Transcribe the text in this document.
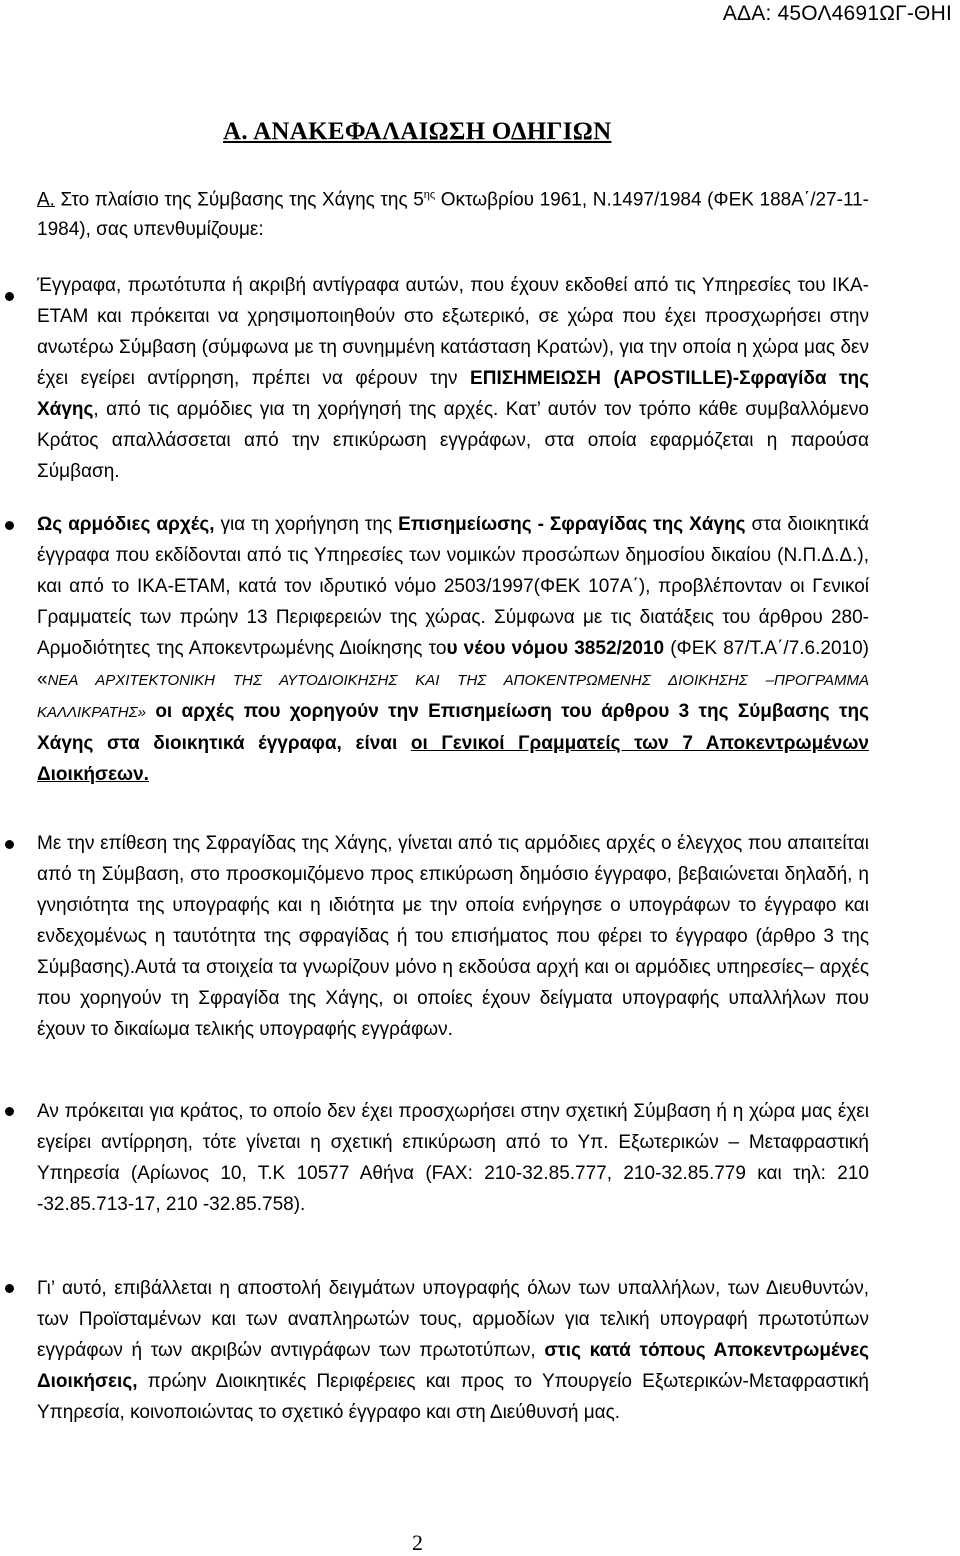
ΑΔΑ: 45ΟΛ4691ΩΓ-ΘΗΙ
Α. ΑΝΑΚΕΦΑΛΑΙΩΣΗ ΟΔΗΓΙΩΝ
Α. Στο πλαίσιο της Σύμβασης της Χάγης της $5^{\eta\varsigma}$ Οκτωβρίου 1961, Ν.1497/1984 (ΦΕΚ 188Α΄/27-11-1984), σας υπενθυμίζουμε:
Έγγραφα, πρωτότυπα ή ακριβή αντίγραφα αυτών, που έχουν εκδοθεί από τις Υπηρεσίες του ΙΚΑ-ΕΤΑΜ και πρόκειται να χρησιμοποιηθούν στο εξωτερικό, σε χώρα που έχει προσχωρήσει στην ανωτέρω Σύμβαση (σύμφωνα με τη συνημμένη κατάσταση Κρατών), για την οποία η χώρα μας δεν έχει εγείρει αντίρρηση, πρέπει να φέρουν την ΕΠΙΣΗΜΕΙΩΣΗ (APOSTILLE)-Σφραγίδα της Χάγης, από τις αρμόδιες για τη χορήγησή της αρχές. Κατ’ αυτόν τον τρόπο κάθε συμβαλλόμενο Κράτος απαλλάσσεται από την επικύρωση εγγράφων, στα οποία εφαρμόζεται η παρούσα Σύμβαση.
Ως αρμόδιες αρχές, για τη χορήγηση της Επισημείωσης - Σφραγίδας της Χάγης στα διοικητικά έγγραφα που εκδίδονται από τις Υπηρεσίες των νομικών προσώπων δημοσίου δικαίου (Ν.Π.Δ.Δ.), και από το ΙΚΑ-ΕΤΑΜ, κατά τον ιδρυτικό νόμο 2503/1997(ΦΕΚ 107Α΄), προβλέπονταν οι Γενικοί Γραμματείς των πρώην 13 Περιφερειών της χώρας. Σύμφωνα με τις διατάξεις του άρθρου 280- Αρμοδιότητες της Αποκεντρωμένης Διοίκησης του νέου νόμου 3852/2010 (ΦΕΚ 87/Τ.Α΄/7.6.2010) «ΝΕΑ ΑΡΧΙΤΕΚΤΟΝΙΚΗ ΤΗΣ ΑΥΤΟΔΙΟΙΚΗΣΗΣ ΚΑΙ ΤΗΣ ΑΠΟΚΕΝΤΡΩΜΕΝΗΣ ΔΙΟΙΚΗΣΗΣ –ΠΡΟΓΡΑΜΜΑ ΚΑΛΛΙΚΡΑΤΗΣ» οι αρχές που χορηγούν την Επισημείωση του άρθρου 3 της Σύμβασης της Χάγης στα διοικητικά έγγραφα, είναι οι Γενικοί Γραμματείς των 7 Αποκεντρωμένων Διοικήσεων.
Με την επίθεση της Σφραγίδας της Χάγης, γίνεται από τις αρμόδιες αρχές ο έλεγχος που απαιτείται από τη Σύμβαση, στο προσκομιζόμενο προς επικύρωση δημόσιο έγγραφο, βεβαιώνεται δηλαδή, η γνησιότητα της υπογραφής και η ιδιότητα με την οποία ενήργησε ο υπογράφων το έγγραφο και ενδεχομένως η ταυτότητα της σφραγίδας ή του επισήματος που φέρει το έγγραφο (άρθρο 3 της Σύμβασης).Αυτά τα στοιχεία τα γνωρίζουν μόνο η εκδούσα αρχή και οι αρμόδιες υπηρεσίες– αρχές που χορηγούν τη Σφραγίδα της Χάγης, οι οποίες έχουν δείγματα υπογραφής υπαλλήλων που έχουν το δικαίωμα τελικής υπογραφής εγγράφων.
Αν πρόκειται για κράτος, το οποίο δεν έχει προσχωρήσει στην σχετική Σύμβαση ή η χώρα μας έχει εγείρει αντίρρηση, τότε γίνεται η σχετική επικύρωση από το Υπ. Εξωτερικών – Μεταφραστική Υπηρεσία (Αρίωνος 10, Τ.Κ 10577 Αθήνα (FAX: 210-32.85.777, 210-32.85.779 και τηλ: 210 -32.85.713-17, 210 -32.85.758).
Γι’ αυτό, επιβάλλεται η αποστολή δειγμάτων υπογραφής όλων των υπαλλήλων, των Διευθυντών, των Προϊσταμένων και των αναπληρωτών τους, αρμοδίων για τελική υπογραφή πρωτοτύπων εγγράφων ή των ακριβών αντιγράφων των πρωτοτύπων, στις κατά τόπους Αποκεντρωμένες Διοικήσεις, πρώην Διοικητικές Περιφέρειες και προς το Υπουργείο Εξωτερικών-Μεταφραστική Υπηρεσία, κοινοποιώντας το σχετικό έγγραφο και στη Διεύθυνσή μας.
2
